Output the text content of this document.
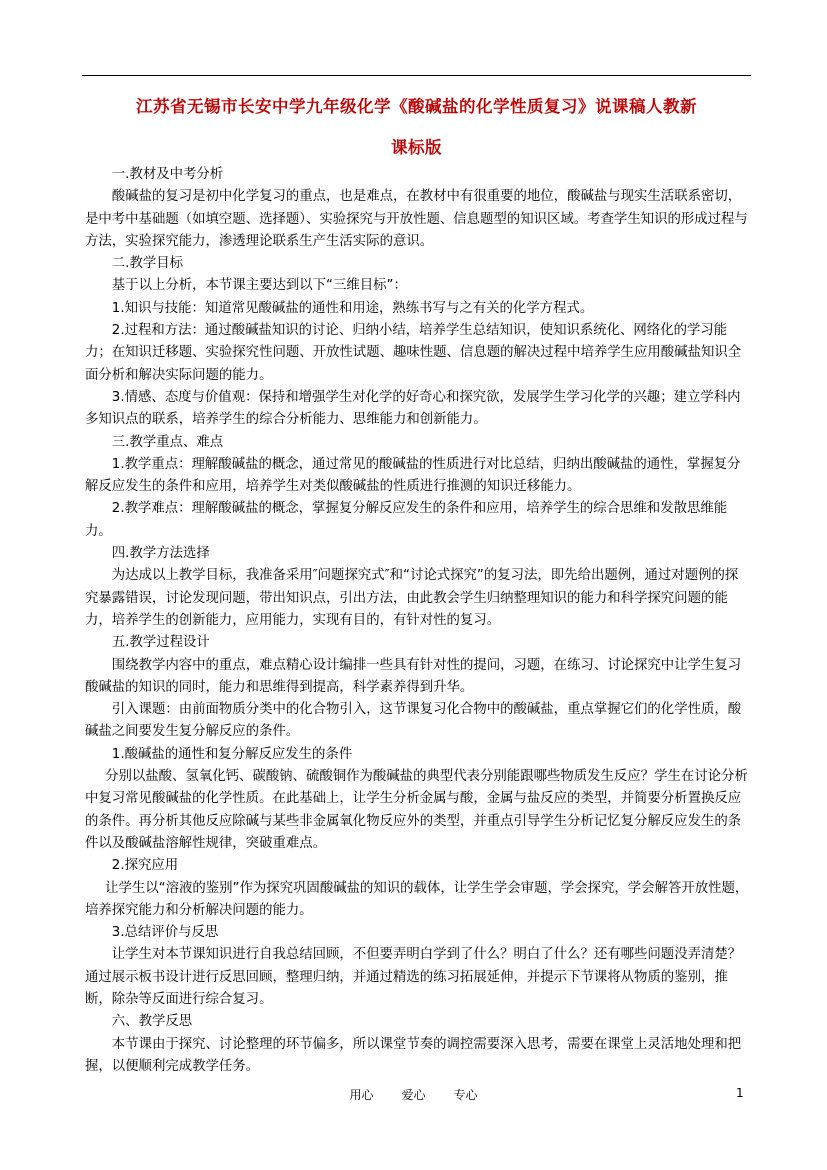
江苏省无锡市长安中学九年级化学《酸碱盐的化学性质复习》说课稿人教新
课标版

一.教材及中考分析

酸碱盐的复习是初中化学复习的重点，也是难点，在教材中有很重要的地位，酸碱盐与现实生活联系密切，是中考中基础题（如填空题、选择题）、实验探究与开放性题、信息题型的知识区域。考查学生知识的形成过程与方法，实验探究能力，渗透理论联系生产生活实际的意识。

二.教学目标

基于以上分析，本节课主要达到以下“三维目标”：

1.知识与技能：知道常见酸碱盐的通性和用途，熟练书写与之有关的化学方程式。

2.过程和方法：通过酸碱盐知识的讨论、归纳小结，培养学生总结知识，使知识系统化、网络化的学习能力；在知识迁移题、实验探究性问题、开放性试题、趣味性题、信息题的解决过程中培养学生应用酸碱盐知识全面分析和解决实际问题的能力。

3.情感、态度与价值观：保持和增强学生对化学的好奇心和探究欲，发展学生学习化学的兴趣；建立学科内多知识点的联系，培养学生的综合分析能力、思维能力和创新能力。

三.教学重点、难点

1.教学重点：理解酸碱盐的概念，通过常见的酸碱盐的性质进行对比总结，归纳出酸碱盐的通性，掌握复分解反应发生的条件和应用，培养学生对类似酸碱盐的性质进行推测的知识迁移能力。

2.教学难点：理解酸碱盐的概念，掌握复分解反应发生的条件和应用，培养学生的综合思维和发散思维能力。

四.教学方法选择

为达成以上教学目标，我准备采用″问题探究式″和“讨论式探究”的复习法，即先给出题例，通过对题例的探究暴露错误，讨论发现问题，带出知识点，引出方法，由此教会学生归纳整理知识的能力和科学探究问题的能力，培养学生的创新能力，应用能力，实现有目的，有针对性的复习。

五.教学过程设计

围绕教学内容中的重点，难点精心设计编排一些具有针对性的提问，习题，在练习、讨论探究中让学生复习酸碱盐的知识的同时，能力和思维得到提高，科学素养得到升华。

引入课题：由前面物质分类中的化合物引入，这节课复习化合物中的酸碱盐，重点掌握它们的化学性质，酸碱盐之间要发生复分解反应的条件。

1.酸碱盐的通性和复分解反应发生的条件

分别以盐酸、氢氧化钙、碳酸钠、硫酸铜作为酸碱盐的典型代表分别能跟哪些物质发生反应？学生在讨论分析中复习常见酸碱盐的化学性质。在此基础上，让学生分析金属与酸，金属与盐反应的类型，并简要分析置换反应的条件。再分析其他反应除碱与某些非金属氧化物反应外的类型，并重点引导学生分析记忆复分解反应发生的条件以及酸碱盐溶解性规律，突破重难点。

2.探究应用

让学生以“溶液的鉴别”作为探究巩固酸碱盐的知识的载体，让学生学会审题，学会探究，学会解答开放性题，培养探究能力和分析解决问题的能力。

3.总结评价与反思

让学生对本节课知识进行自我总结回顾，不但要弄明白学到了什么？明白了什么？还有哪些问题没弄清楚？通过展示板书设计进行反思回顾，整理归纳，并通过精选的练习拓展延伸，并提示下节课将从物质的鉴别，推断，除杂等反面进行综合复习。

六、教学反思

本节课由于探究、讨论整理的环节偏多，所以课堂节奏的调控需要深入思考，需要在课堂上灵活地处理和把握，以便顺利完成教学任务。

用心 爱心 专心	1
